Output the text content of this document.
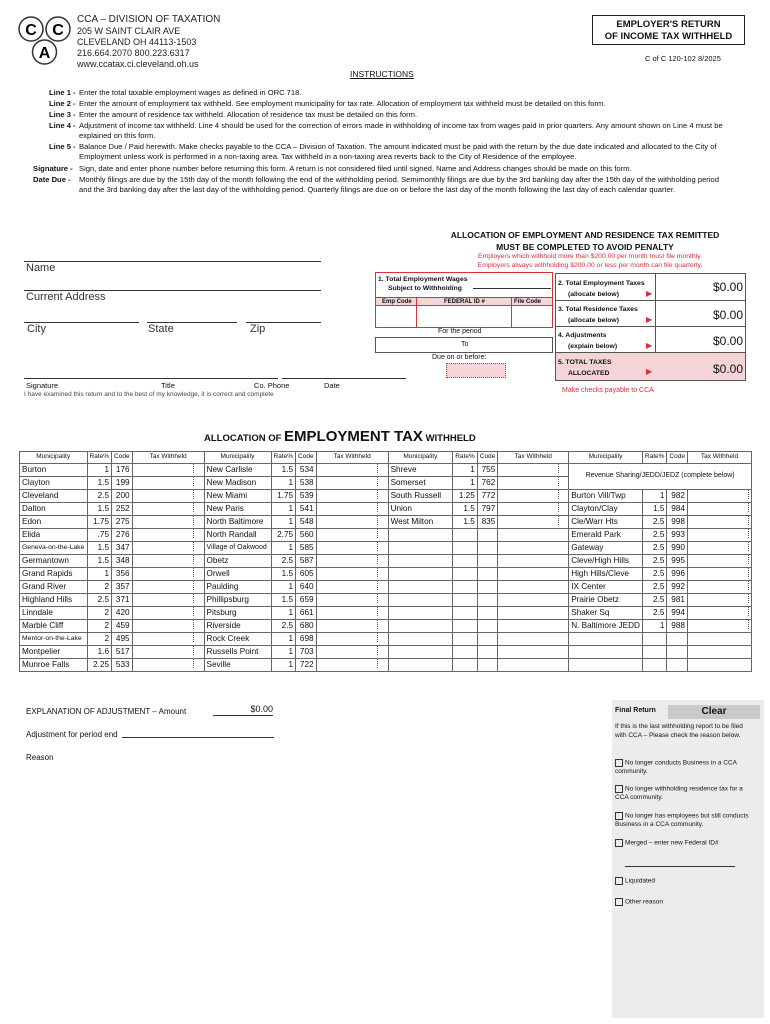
C C
A
CCA – DIVISION OF TAXATION
205 W SAINT CLAIR AVE
CLEVELAND OH 44113-1503
216.664.2070 800.223.6317
www.ccatax.ci.cleveland.oh.us
EMPLOYER'S RETURN
OF INCOME TAX WITHHELD
C of C 120-102 8/2025
INSTRUCTIONS
Line 1 - Enter the total taxable employment wages as defined in ORC 718.
Line 2 - Enter the amount of employment tax withheld. See employment municipality for tax rate. Allocation of employment tax withheld must be detailed on this form.
Line 3 - Enter the amount of residence tax withheld. Allocation of residence tax must be detailed on this form.
Line 4 - Adjustment of income tax withheld. Line 4 should be used for the correction of errors made in withholding of income tax from wages paid in prior quarters. Any amount shown on Line 4 must be explained on this form.
Line 5 - Balance Due / Paid herewith. Make checks payable to the CCA – Division of Taxation. The amount indicated must be paid with the return by the due date indicated and allocated to the City of Employment unless work is performed in a non-taxing area. Tax withheld in a non-taxing area reverts back to the City of Residence of the employee.
Signature - Sign, date and enter phone number before returning this form. A return is not considered filed until signed. Name and Address changes should be made on this form.
Date Due - Monthly filings are due by the 15th day of the month following the end of the withholding period. Semimonthly filings are due by the 3rd banking day after the 15th day of the withholding period and the 3rd banking day after the last day of the withholding period. Quarterly filings are due on or before the last day of the month following the last day of each calendar quarter.
ALLOCATION OF EMPLOYMENT AND RESIDENCE TAX REMITTED
MUST BE COMPLETED TO AVOID PENALTY
Employers which withhold more than $200.00 per month must file monthly.
Employers always withholding $200.00 or less per month can file quarterly.
Name
Current Address
City	State	Zip
Signature	Title	Co. Phone	Date
I have examined this return and to the best of my knowledge, it is correct and complete
1. Total Employment Wages
Subject to Withholding
Emp Code	FEDERAL ID #	File Code
For the period
To
Due on or before:
2. Total Employment Taxes
(allocate below)	▶	$0.00
3. Total Residence Taxes
(allocate below)	▶	$0.00
4. Adjustments
(explain below)	▶	$0.00
5. TOTAL TAXES
ALLOCATED	▶	$0.00
Make checks payable to CCA
ALLOCATION OF EMPLOYMENT TAX WITHHELD
Municipality	Rate%	Code	Tax Withheld	Municipality	Rate%	Code	Tax Withheld	Municipality	Rate%	Code	Tax Withheld	Municipality	Rate%	Code	Tax Withheld
Burton	1	176		New Carlisle	1.5	534		Shreve	1	755		Revenue Sharing/JEDD/JEDZ (complete below)			
Clayton	1.5	199		New Madison	1	538		Somerset	1	762					
Cleveland	2.5	200		New Miami	1.75	539		South Russell	1.25	772		Burton Vill/Twp	1	982	
Dalton	1.5	252		New Paris	1	541		Union	1.5	797		Clayton/Clay	1.5	984	
Edon	1.75	275		North Baltimore	1	548		West Milton	1.5	835		Cle/Warr Hts	2.5	998	
Elida	.75	276		North Randall	2.75	560						Emerald Park	2.5	993	
Geneva-on-the-Lake	1.5	347		Village of Oakwood	1	585						Gateway	2.5	990	
Germantown	1.5	348		Obetz	2.5	587						Cleve/High Hills	2.5	995	
Grand Rapids	1	356		Orwell	1.5	605						High Hills/Cleve	2.5	996	
Grand River	2	357		Paulding	1	640						IX Center	2.5	992	
Highland Hills	2.5	371		Phillipsburg	1.5	659						Prairie Obetz	2.5	981	
Linndale	2	420		Pitsburg	1	661						Shaker Sq	2.5	994	
Marble Cliff	2	459		Riverside	2.5	680						N. Baltimore JEDD	1	988	
Mentor-on-the-Lake	2	495		Rock Creek	1	698									
Montpelier	1.6	517		Russells Point	1	703									
Munroe Falls	2.25	533		Seville	1	722									
EXPLANATION OF ADJUSTMENT – Amount	$0.00
Adjustment for period end
Reason
Final Return	Clear
If this is the last withholding report to be filed with CCA – Please check the reason below.
No longer conducts Business in a CCA community.
No longer withholding residence tax for a CCA community.
No longer has employees but still conducts Business in a CCA community.
Merged – enter new Federal ID#
Liquidated
Other reason
